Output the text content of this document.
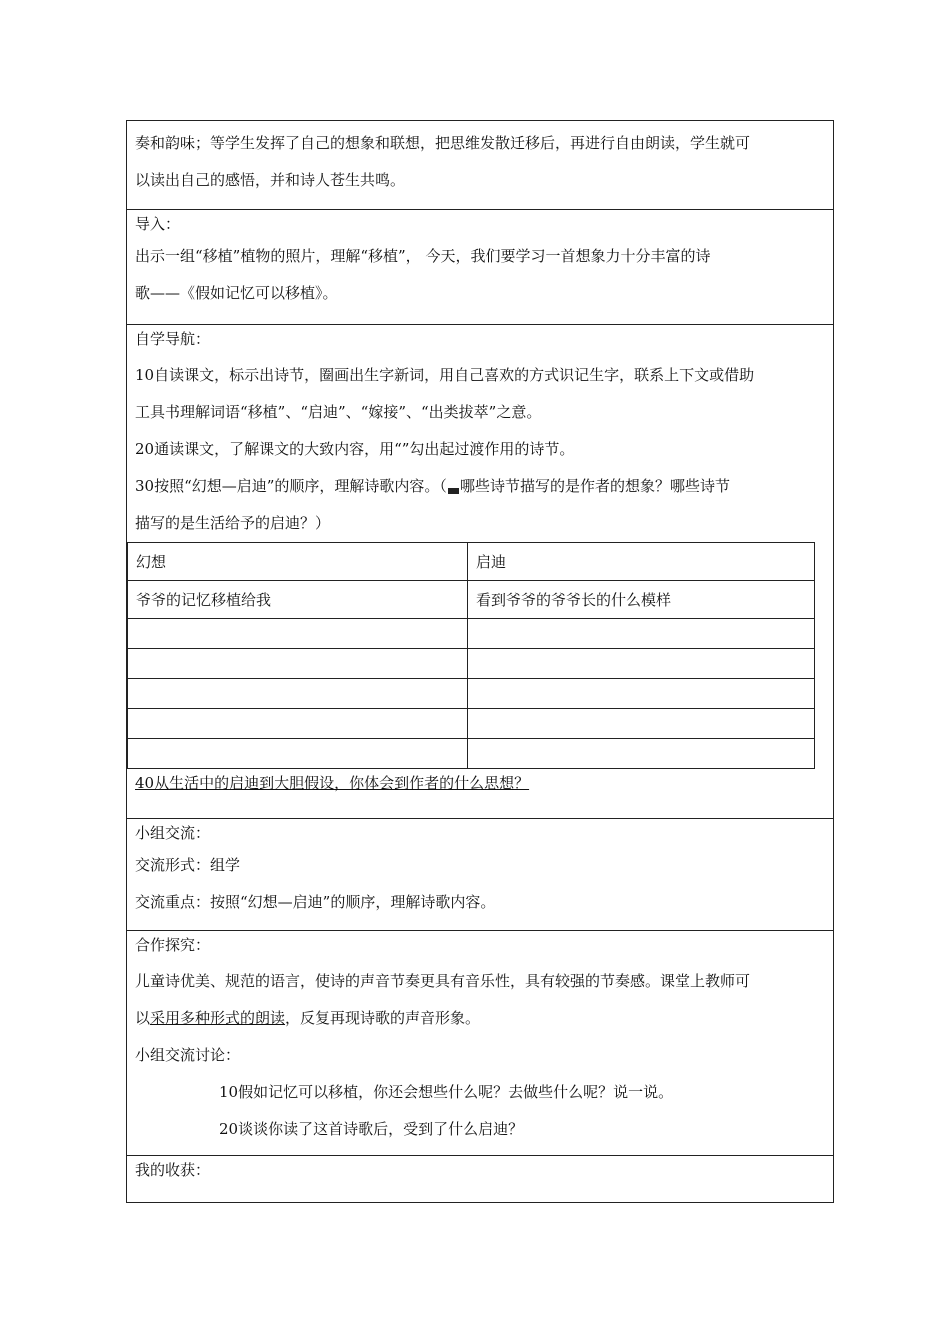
奏和韵味；等学生发挥了自己的想象和联想，把思维发散迁移后，再进行自由朗读，学生就可
以读出自己的感悟，并和诗人苍生共鸣。
导入：
出示一组“移植”植物的照片，理解“移植”， 今天，我们要学习一首想象力十分丰富的诗
歌——《假如记忆可以移植》。
自学导航：
10自读课文，标示出诗节，圈画出生字新词，用自己喜欢的方式识记生字，联系上下文或借助
工具书理解词语“移植”、“启迪”、“嫁接”、“出类拔萃”之意。
20通读课文，了解课文的大致内容，用“”勾出起过渡作用的诗节。
30按照“幻想—启迪”的顺序，理解诗歌内容。（ 哪些诗节描写的是作者的想象？哪些诗节
描写的是生活给予的启迪？）
幻想	启迪
爷爷的记忆移植给我	看到爷爷的爷爷长的什么模样

40从生活中的启迪到大胆假设，你体会到作者的什么思想？
小组交流：
交流形式：组学
交流重点：按照“幻想—启迪”的顺序，理解诗歌内容。
合作探究：
儿童诗优美、规范的语言，使诗的声音节奏更具有音乐性，具有较强的节奏感。课堂上教师可
以采用多种形式的朗读，反复再现诗歌的声音形象。
小组交流讨论：
10假如记忆可以移植，你还会想些什么呢？去做些什么呢？说一说。
20谈谈你读了这首诗歌后，受到了什么启迪？
我的收获：
